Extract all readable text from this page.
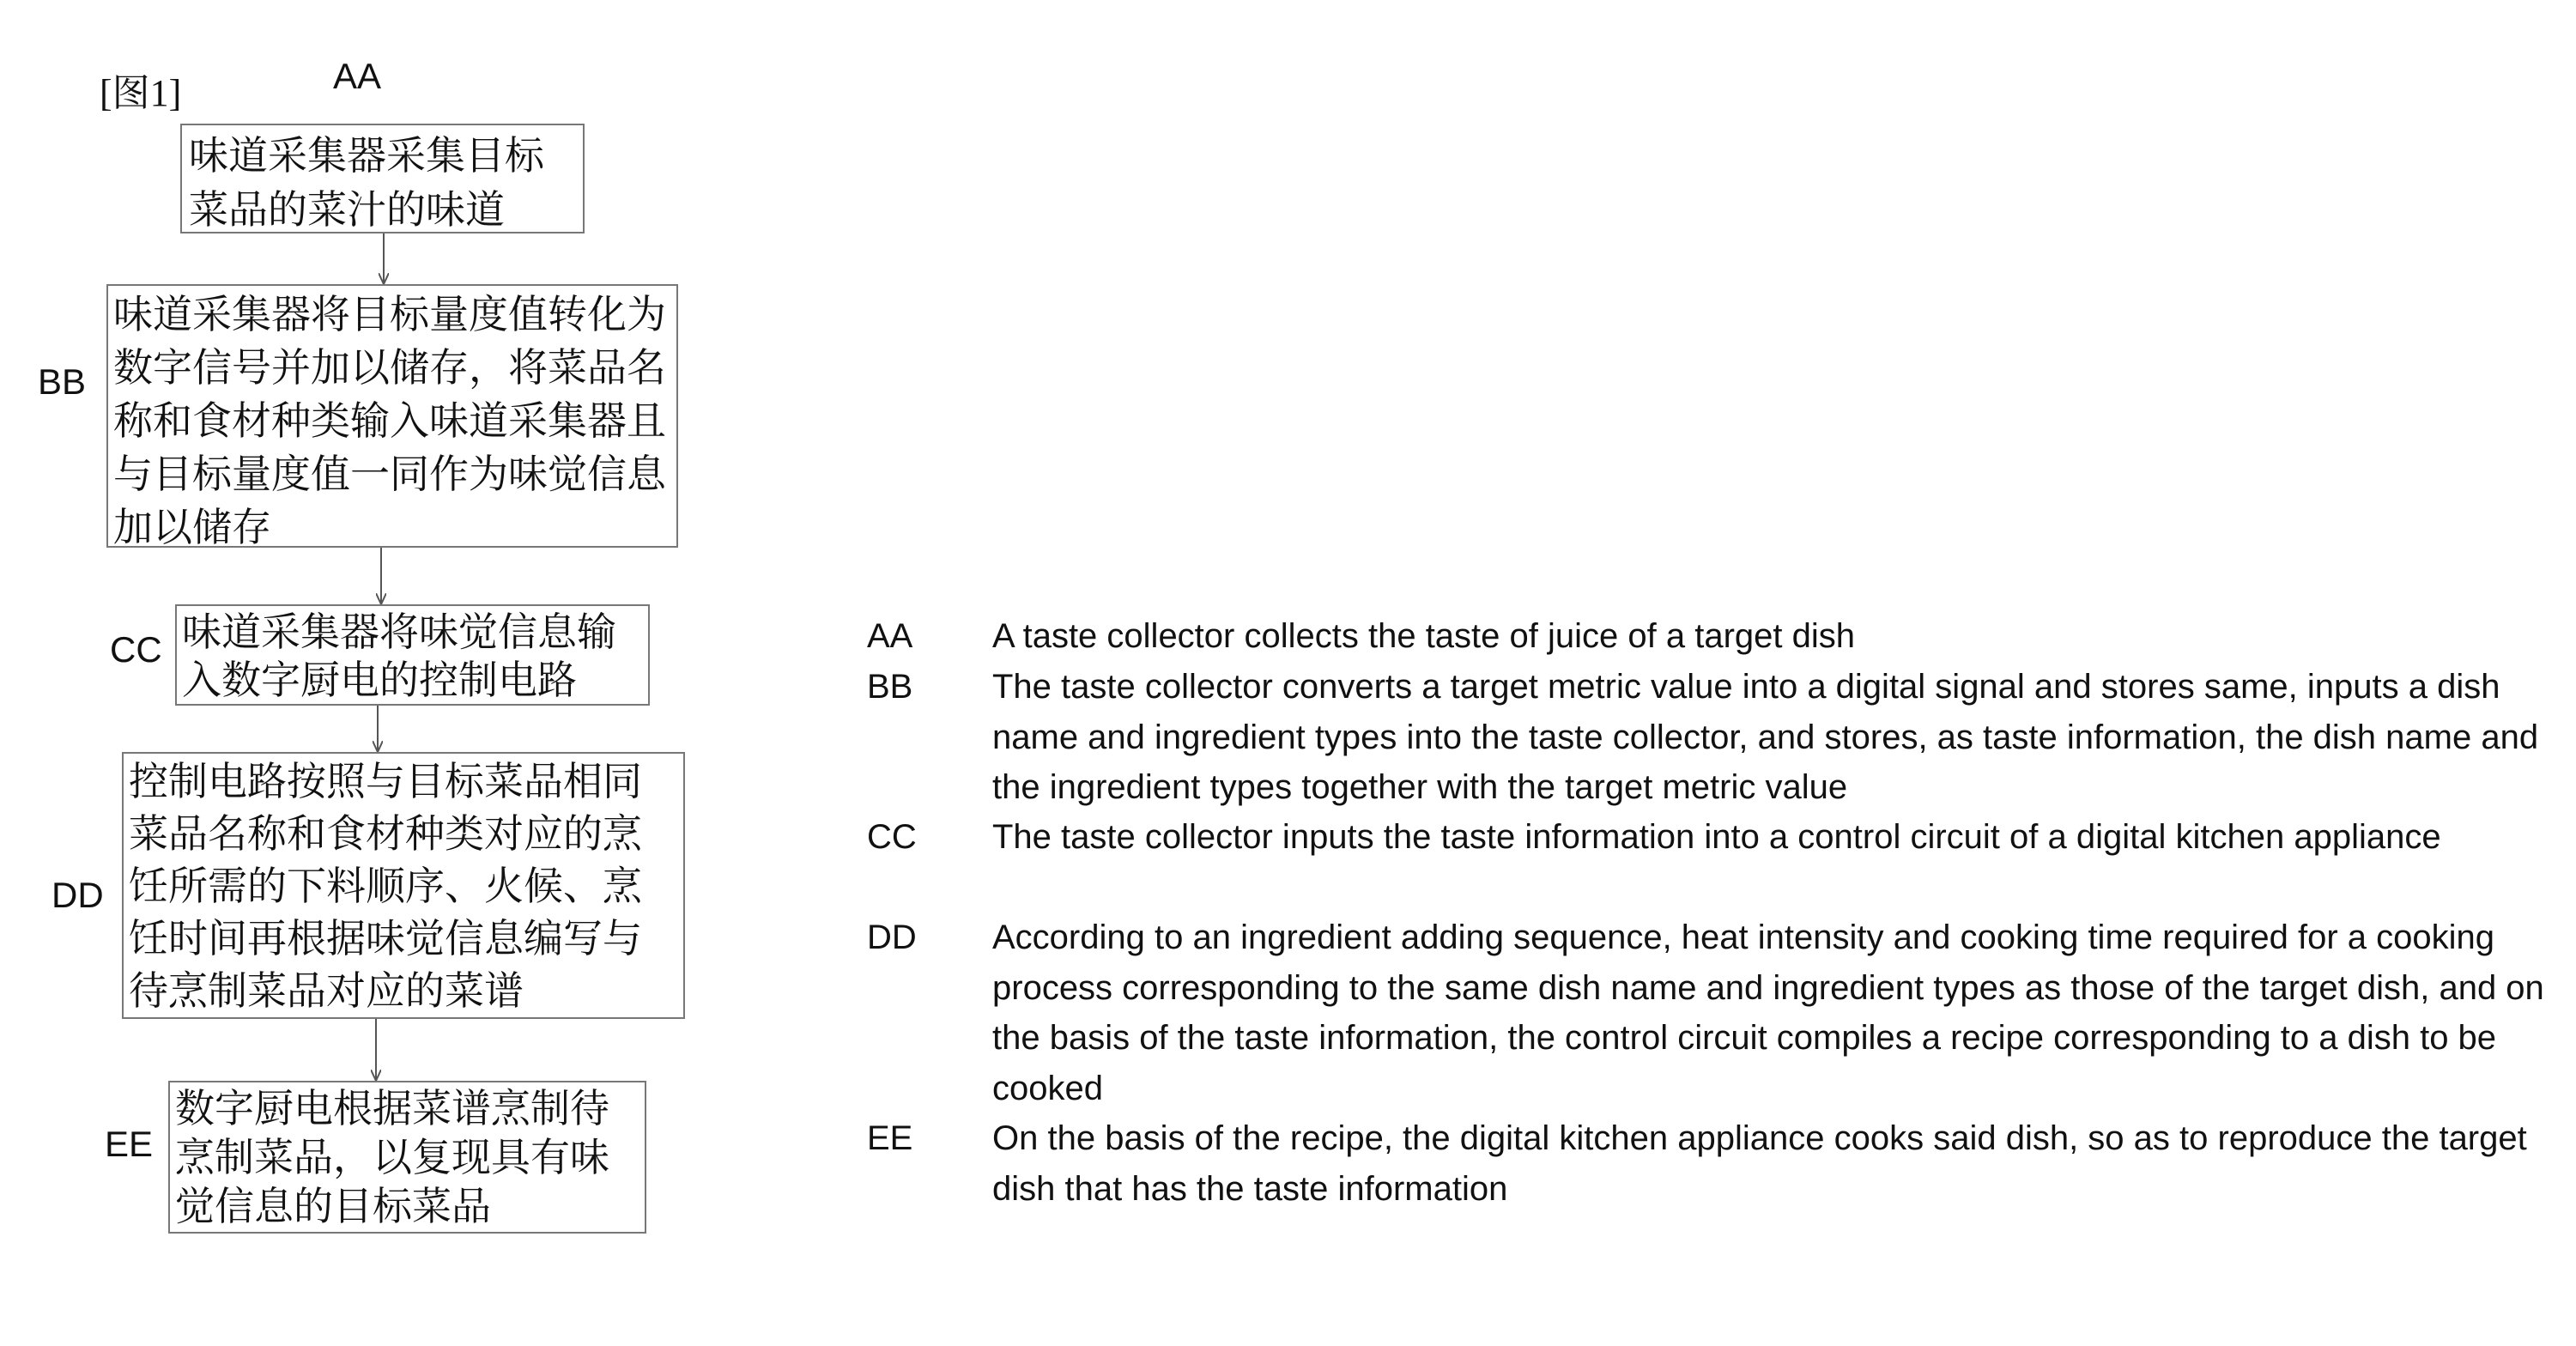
[图1]	AA

味道采集器采集目标菜品的菜汁的味道

BB

味道采集器将目标量度值转化为数字信号并加以储存，将菜品名称和食材种类输入味道采集器且与目标量度值一同作为味觉信息加以储存

CC 味道采集器将味觉信息输入数字厨电的控制电路

DD

控制电路按照与目标菜品相同菜品名称和食材种类对应的烹饪所需的下料顺序、火候、烹饪时间再根据味觉信息编写与待烹制菜品对应的菜谱

EE

数字厨电根据菜谱烹制待烹制菜品，以复现具有味觉信息的目标菜品

AA A taste collector collects the taste of juice of a target dish
BB The taste collector converts a target metric value into a digital signal and stores same, inputs a dish name and ingredient types into the taste collector, and stores, as taste information, the dish name and the ingredient types together with the target metric value
CC The taste collector inputs the taste information into a control circuit of a digital kitchen appliance
DD According to an ingredient adding sequence, heat intensity and cooking time required for a cooking process corresponding to the same dish name and ingredient types as those of the target dish, and on the basis of the taste information, the control circuit compiles a recipe corresponding to a dish to be cooked
EE On the basis of the recipe, the digital kitchen appliance cooks said dish, so as to reproduce the target dish that has the taste information
